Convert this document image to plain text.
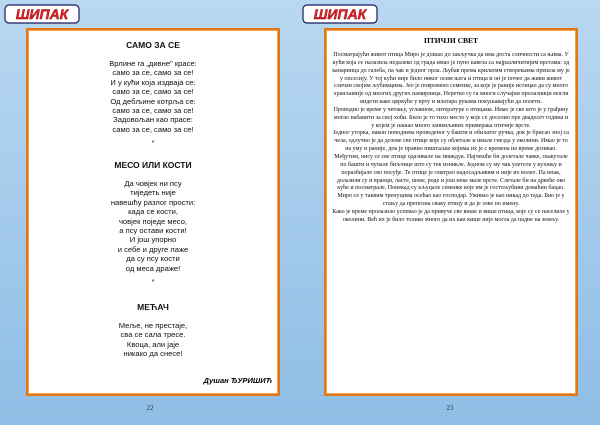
ШИПАК
САМО ЗА СЕ
Врлине га „дивне" красе:
само за се, само за се!
И у кући која издваја се:
само за се, само за се!
Од дебљине котрља се:
само за се, само за се!
Задовољан као прасе:
само за се, само за се!
*
МЕСО ИЛИ КОСТИ
Да човјек ни псу
тиједеть није
навешћу разлог прости:
када се кости,
човјек поједе месо,
а псу остави кости!
И још упорно
и себе и друге лаже
да су псу кости
од меса драже!
*
МЕЋАЧ
Меље, не престаје,
сва се сала тресе.
Квоца, али јаје
никако да снесе!
Душан ЂУРИШИЋ
22
ШИПАК
ПТИЧЈИ СВЕТ

Посматрајући живот птица Миро је дошао до закључка да има доста сличности са њима. У кући која се налазила недалеко од града имао је пуно кавеза са најразличитијим врстама: од канаринца до галеба, па чак и једног орла. Љубав према крилатим створењима прешла му је у опсесију. У тој кући није било никог осим њега и птица и он је почео да живи живот сличан својим љубимцима. Јео је повремено семенке, за које је раније истицао да су много хранљивије од многих других намирница. Нерeтко су га многи случајни пролазници могли видети како цвркуће у врту и млатара рукама покушавајући да полети.

Проводио је време у читању, углавном, литературе о птицама. Имао је све што је у грађину могао набавити за свој хоби. Било је то тихо место у које се доселио пре двадесет година и у којем је нашао много занимљивих примерака птичије врсте.

Једног уторка, након поподнева проведеног у башти и обилатог ручка, док је брисао зноj са чела, одлучио је да дозове све птице које су облетале и имале гнезда у околини. Имао је то на уму и раније, док је правио пиштаљке којима их је с времена на време дозивао.

Међутим, нису се све птице одазивале на звиждук. Најчешће би долетале чавке, скакутале по башти и чупале биљчице што су тек изникле. Једном су му чак улетеле у кухињу и поразбијале сво посуђе. Те птице је сматрао надосадљивим и није их волео. Па ипак, долазили су и врапци, ласте, шеве, роде и још неке мале врсте. Слетале би на дрвеће око куће и посматрале. Понекад су кљуцале семенке које им је гостољубиви домаћин бацао.

Миро се у таквим тренуцима осећао као господар. Уживао је као никад до тада. Био је у стању да препозна сваку птицу и да је зове по имену.

Како је време пролазило успевао је да привуче све више и више птица, које су се населиле у околини. Већ их је било толико много да их кан кише није могла да падне на земљу.

23
